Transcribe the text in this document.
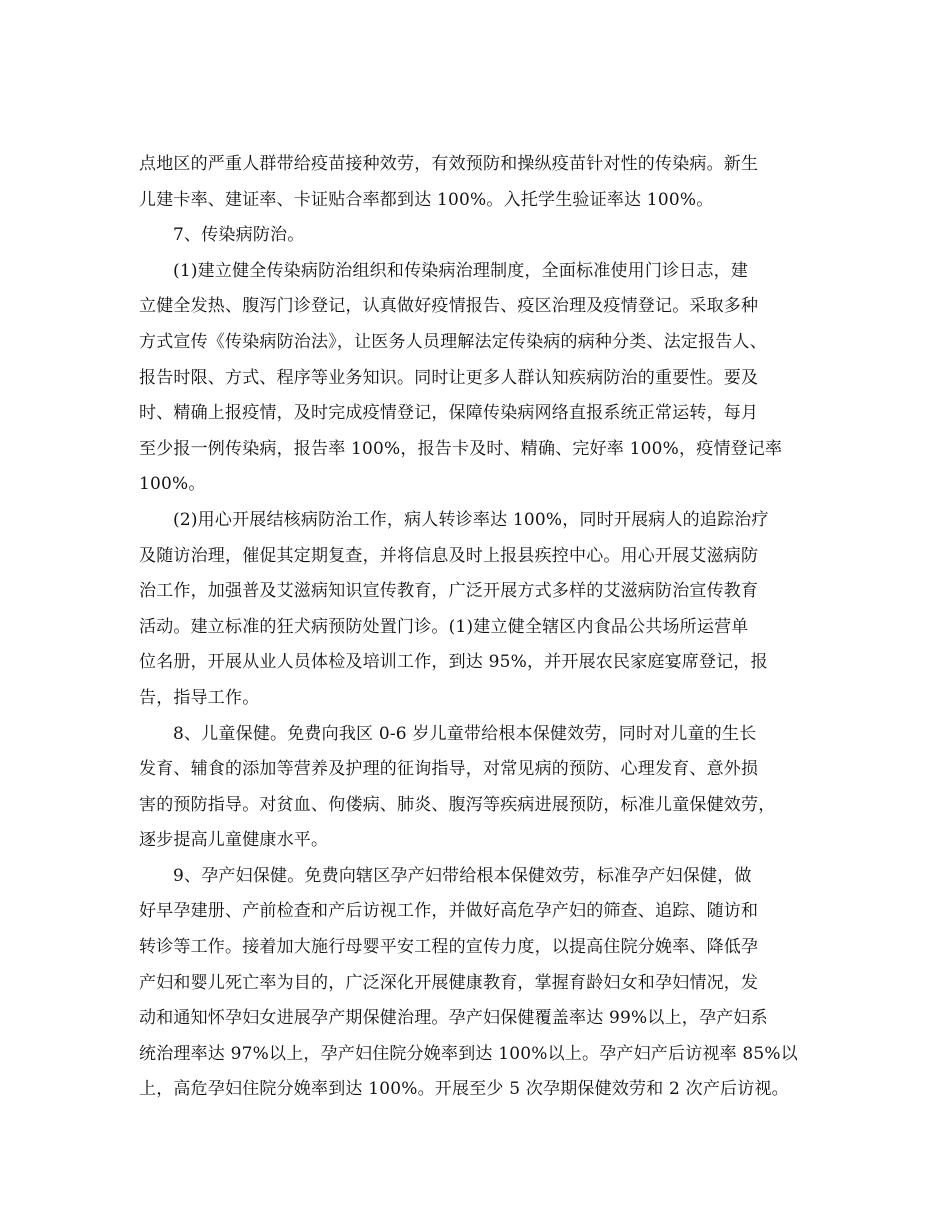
点地区的严重人群带给疫苗接种效劳，有效预防和操纵疫苗针对性的传染病。新生
儿建卡率、建证率、卡证贴合率都到达 100%。入托学生验证率达 100%。
7、传染病防治。
(1)建立健全传染病防治组织和传染病治理制度，全面标准使用门诊日志，建
立健全发热、腹泻门诊登记，认真做好疫情报告、疫区治理及疫情登记。采取多种
方式宣传《传染病防治法》，让医务人员理解法定传染病的病种分类、法定报告人、
报告时限、方式、程序等业务知识。同时让更多人群认知疾病防治的重要性。要及
时、精确上报疫情，及时完成疫情登记，保障传染病网络直报系统正常运转，每月
至少报一例传染病，报告率 100%，报告卡及时、精确、完好率 100%，疫情登记率
100%。
(2)用心开展结核病防治工作，病人转诊率达 100%，同时开展病人的追踪治疗
及随访治理，催促其定期复查，并将信息及时上报县疾控中心。用心开展艾滋病防
治工作，加强普及艾滋病知识宣传教育，广泛开展方式多样的艾滋病防治宣传教育
活动。建立标准的狂犬病预防处置门诊。(1)建立健全辖区内食品公共场所运营单
位名册，开展从业人员体检及培训工作，到达 95%，并开展农民家庭宴席登记，报
告，指导工作。
8、儿童保健。免费向我区 0-6 岁儿童带给根本保健效劳，同时对儿童的生长
发育、辅食的添加等营养及护理的征询指导，对常见病的预防、心理发育、意外损
害的预防指导。对贫血、佝偻病、肺炎、腹泻等疾病进展预防，标准儿童保健效劳，
逐步提高儿童健康水平。
9、孕产妇保健。免费向辖区孕产妇带给根本保健效劳，标准孕产妇保健，做
好早孕建册、产前检查和产后访视工作，并做好高危孕产妇的筛查、追踪、随访和
转诊等工作。接着加大施行母婴平安工程的宣传力度，以提高住院分娩率、降低孕
产妇和婴儿死亡率为目的，广泛深化开展健康教育，掌握育龄妇女和孕妇情况，发
动和通知怀孕妇女进展孕产期保健治理。孕产妇保健覆盖率达 99%以上，孕产妇系
统治理率达 97%以上，孕产妇住院分娩率到达 100%以上。孕产妇产后访视率 85%以
上，高危孕妇住院分娩率到达 100%。开展至少 5 次孕期保健效劳和 2 次产后访视。
